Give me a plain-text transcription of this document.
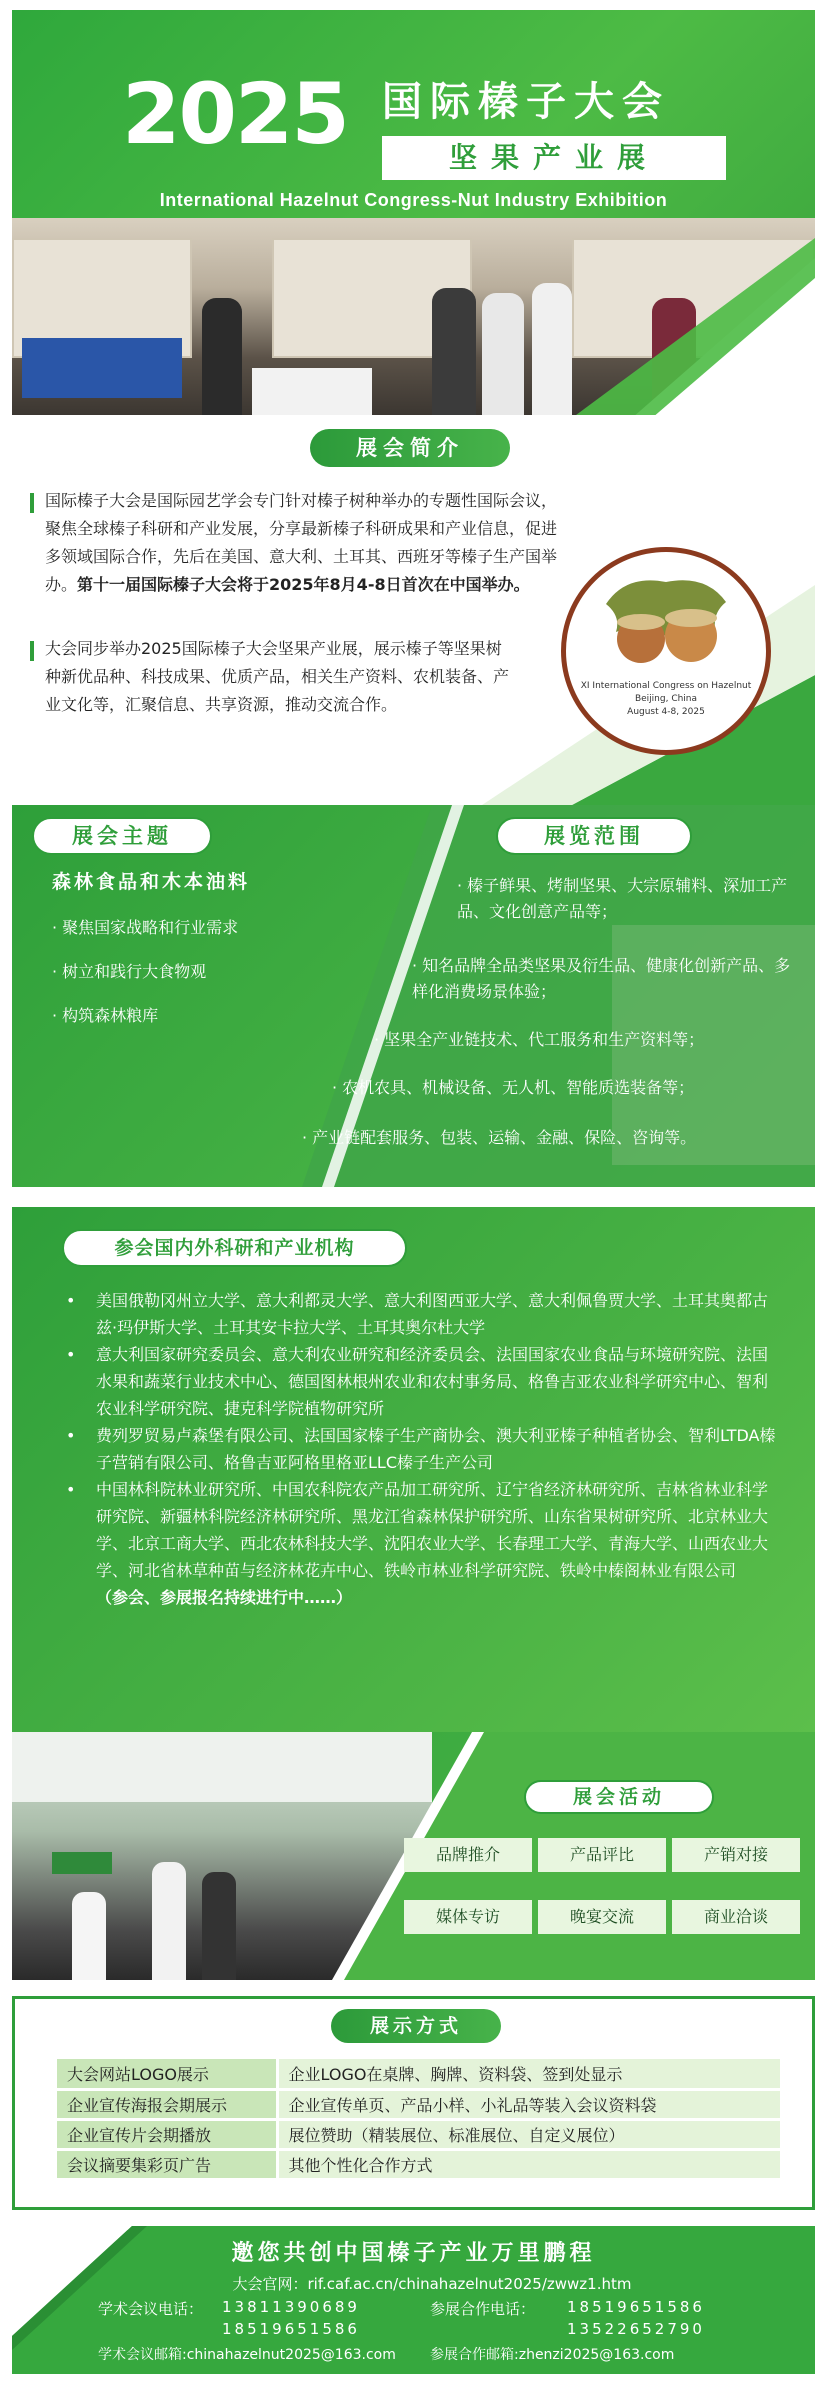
2025 国际榛子大会
坚果产业展
International Hazelnut Congress-Nut Industry Exhibition
展会简介
国际榛子大会是国际园艺学会专门针对榛子树种举办的专题性国际会议，聚焦全球榛子科研和产业发展，分享最新榛子科研成果和产业信息，促进多领域国际合作，先后在美国、意大利、土耳其、西班牙等榛子生产国举办。第十一届国际榛子大会将于2025年8月4-8日首次在中国举办。
大会同步举办2025国际榛子大会坚果产业展，展示榛子等坚果树种新优品种、科技成果、优质产品，相关生产资料、农机装备、产业文化等，汇聚信息、共享资源，推动交流合作。
XI International Congress on Hazelnut
Beijing, China
August 4-8, 2025
展会主题
森林食品和木本油料
· 聚焦国家战略和行业需求
· 树立和践行大食物观
· 构筑森林粮库
展览范围
· 榛子鲜果、烤制坚果、大宗原辅料、深加工产品、文化创意产品等；
· 知名品牌全品类坚果及衍生品、健康化创新产品、多样化消费场景体验；
· 坚果全产业链技术、代工服务和生产资料等；
· 农机农具、机械设备、无人机、智能质选装备等；
· 产业链配套服务、包装、运输、金融、保险、咨询等。
参会国内外科研和产业机构
• 美国俄勒冈州立大学、意大利都灵大学、意大利图西亚大学、意大利佩鲁贾大学、土耳其奥都古兹·玛伊斯大学、土耳其安卡拉大学、土耳其奥尔杜大学
• 意大利国家研究委员会、意大利农业研究和经济委员会、法国国家农业食品与环境研究院、法国水果和蔬菜行业技术中心、德国图林根州农业和农村事务局、格鲁吉亚农业科学研究中心、智利农业科学研究院、捷克科学院植物研究所
• 费列罗贸易卢森堡有限公司、法国国家榛子生产商协会、澳大利亚榛子种植者协会、智利LTDA榛子营销有限公司、格鲁吉亚阿格里格亚LLC榛子生产公司
• 中国林科院林业研究所、中国农科院农产品加工研究所、辽宁省经济林研究所、吉林省林业科学研究院、新疆林科院经济林研究所、黑龙江省森林保护研究所、山东省果树研究所、北京林业大学、北京工商大学、西北农林科技大学、沈阳农业大学、长春理工大学、青海大学、山西农业大学、河北省林草种苗与经济林花卉中心、铁岭市林业科学研究院、铁岭中榛阁林业有限公司
（参会、参展报名持续进行中……）
展会活动
品牌推介	产品评比	产销对接
媒体专访	晚宴交流	商业洽谈
展示方式
大会网站LOGO展示	企业LOGO在桌牌、胸牌、资料袋、签到处显示
企业宣传海报会期展示	企业宣传单页、产品小样、小礼品等装入会议资料袋
企业宣传片会期播放	展位赞助（精装展位、标准展位、自定义展位）
会议摘要集彩页广告	其他个性化合作方式
邀您共创中国榛子产业万里鹏程
大会官网：rif.caf.ac.cn/chinahazelnut2025/zwwz1.htm
学术会议电话： 13811390689
18519651586
参展合作电话： 18519651586
13522652790
学术会议邮箱:chinahazelnut2025@163.com 参展合作邮箱:zhenzi2025@163.com
